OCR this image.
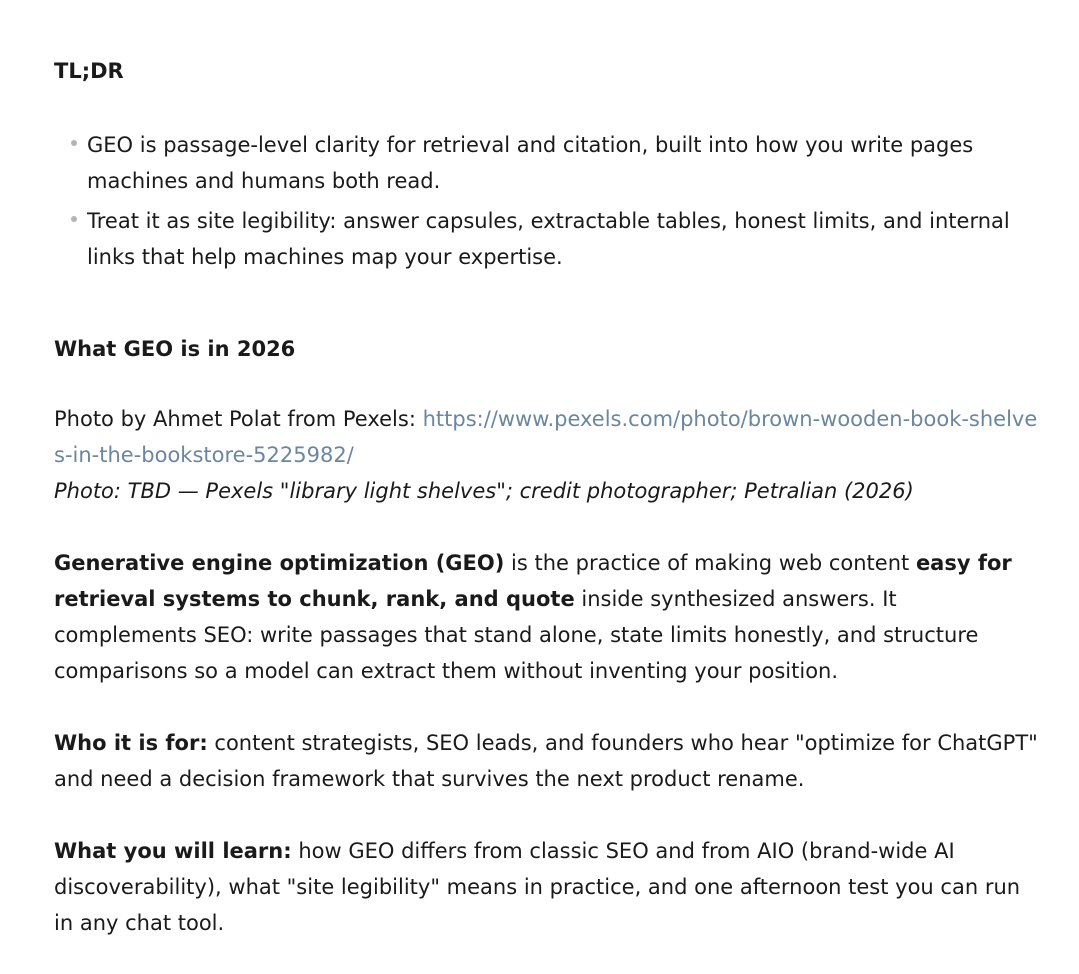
TL;DR
GEO is passage-level clarity for retrieval and citation, built into how you write pages machines and humans both read.
Treat it as site legibility: answer capsules, extractable tables, honest limits, and internal links that help machines map your expertise.
What GEO is in 2026

Photo by Ahmet Polat from Pexels: https://www.pexels.com/photo/brown-wooden-book-shelves-in-the-bookstore-5225982/

Photo: TBD — Pexels "library light shelves"; credit photographer; Petralian (2026)

Generative engine optimization (GEO) is the practice of making web content easy for retrieval systems to chunk, rank, and quote inside synthesized answers. It complements SEO: write passages that stand alone, state limits honestly, and structure comparisons so a model can extract them without inventing your position.

Who it is for: content strategists, SEO leads, and founders who hear "optimize for ChatGPT" and need a decision framework that survives the next product rename.

What you will learn: how GEO differs from classic SEO and from AIO (brand-wide AI discoverability), what "site legibility" means in practice, and one afternoon test you can run in any chat tool.
